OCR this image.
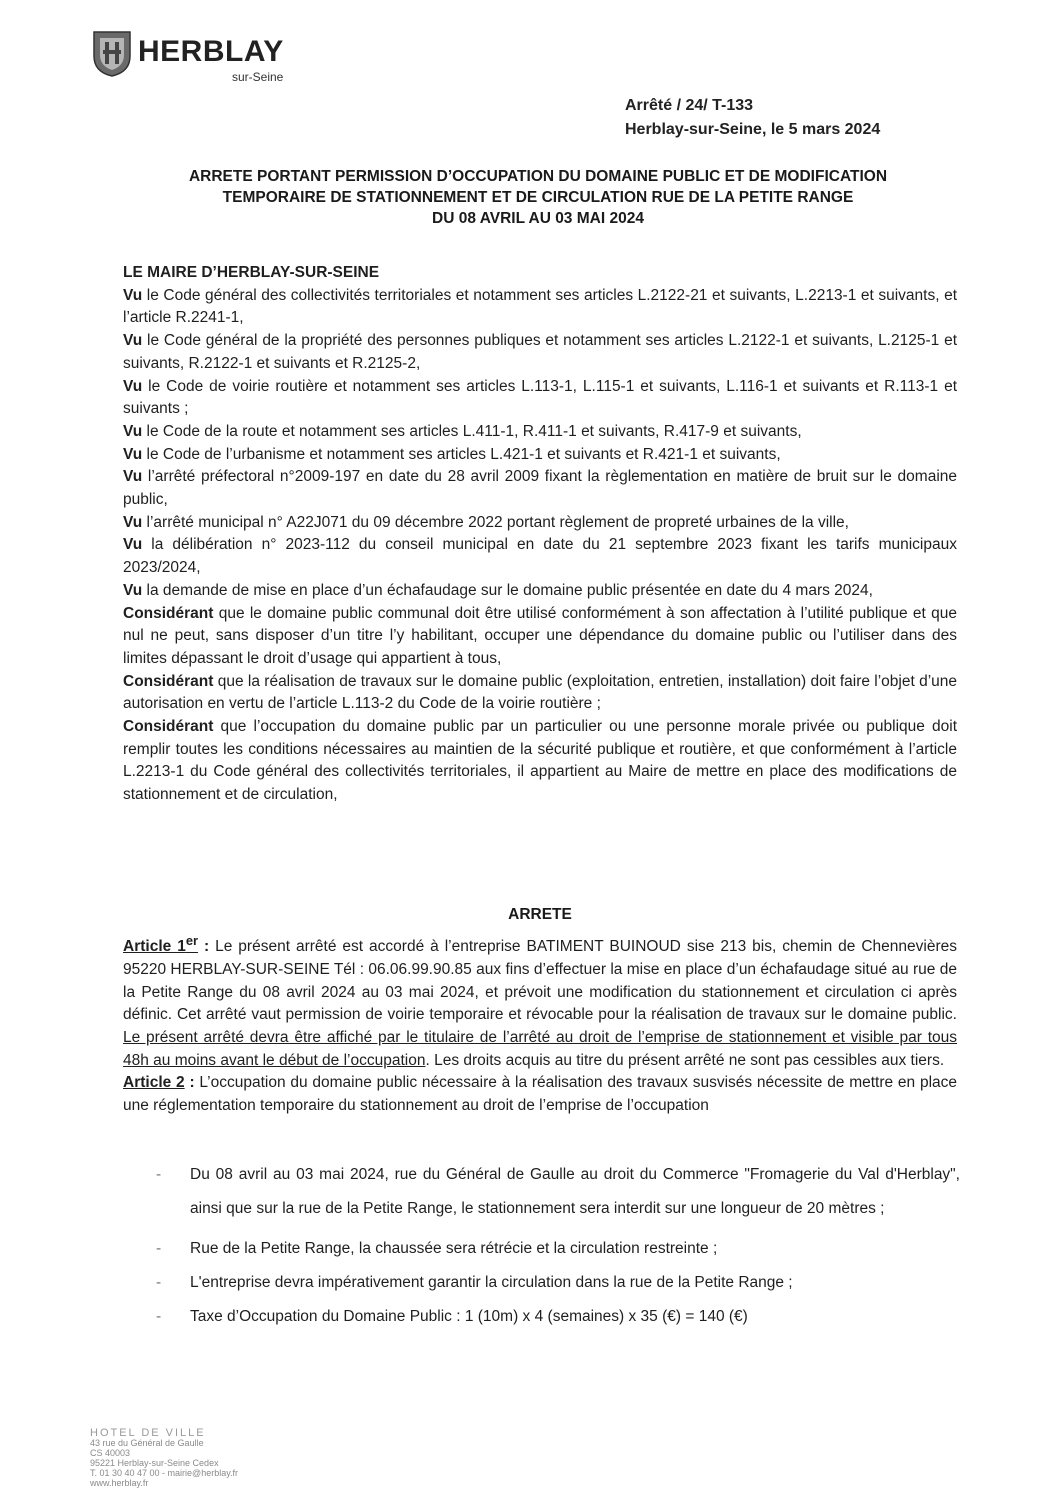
HERBLAY
sur-Seine
Arrêté / 24/ T-133
Herblay-sur-Seine, le 5 mars 2024
ARRETE PORTANT PERMISSION D’OCCUPATION DU DOMAINE PUBLIC ET DE MODIFICATION
TEMPORAIRE DE STATIONNEMENT ET DE CIRCULATION RUE DE LA PETITE RANGE
DU 08 AVRIL AU 03 MAI 2024

LE MAIRE D’HERBLAY-SUR-SEINE

Vu le Code général des collectivités territoriales et notamment ses articles L.2122-21 et suivants, L.2213-1 et suivants, et l’article R.2241-1,

Vu le Code général de la propriété des personnes publiques et notamment ses articles L.2122-1 et suivants, L.2125-1 et suivants, R.2122-1 et suivants et R.2125-2,

Vu le Code de voirie routière et notamment ses articles L.113-1, L.115-1 et suivants, L.116-1 et suivants et R.113-1 et suivants ;

Vu le Code de la route et notamment ses articles L.411-1, R.411-1 et suivants, R.417-9 et suivants,

Vu le Code de l’urbanisme et notamment ses articles L.421-1 et suivants et R.421-1 et suivants,

Vu l’arrêté préfectoral n°2009-197 en date du 28 avril 2009 fixant la règlementation en matière de bruit sur le domaine public,

Vu l’arrêté municipal n° A22J071 du 09 décembre 2022 portant règlement de propreté urbaines de la ville,

Vu la délibération n° 2023-112 du conseil municipal en date du 21 septembre 2023 fixant les tarifs municipaux 2023/2024,

Vu la demande de mise en place d’un échafaudage sur le domaine public présentée en date du 4 mars 2024,

Considérant que le domaine public communal doit être utilisé conformément à son affectation à l’utilité publique et que nul ne peut, sans disposer d’un titre l’y habilitant, occuper une dépendance du domaine public ou l’utiliser dans des limites dépassant le droit d’usage qui appartient à tous,

Considérant que la réalisation de travaux sur le domaine public (exploitation, entretien, installation) doit faire l’objet d’une autorisation en vertu de l’article L.113-2 du Code de la voirie routière ;

Considérant que l’occupation du domaine public par un particulier ou une personne morale privée ou publique doit remplir toutes les conditions nécessaires au maintien de la sécurité publique et routière, et que conformément à l’article L.2213-1 du Code général des collectivités territoriales, il appartient au Maire de mettre en place des modifications de stationnement et de circulation,

ARRETE

Article 1er : Le présent arrêté est accordé à l’entreprise BATIMENT BUINOUD sise 213 bis, chemin de Chennevières 95220 HERBLAY-SUR-SEINE Tél : 06.06.99.90.85 aux fins d’effectuer la mise en place d’un échafaudage situé au rue de la Petite Range du 08 avril 2024 au 03 mai 2024, et prévoit une modification du stationnement et circulation ci après définic. Cet arrêté vaut permission de voirie temporaire et révocable pour la réalisation de travaux sur le domaine public. Le présent arrêté devra être affiché par le titulaire de l’arrêté au droit de l’emprise de stationnement et visible par tous 48h au moins avant le début de l’occupation. Les droits acquis au titre du présent arrêté ne sont pas cessibles aux tiers.

Article 2 : L’occupation du domaine public nécessaire à la réalisation des travaux susvisés nécessite de mettre en place une réglementation temporaire du stationnement au droit de l’emprise de l’occupation

- Du 08 avril au 03 mai 2024, rue du Général de Gaulle au droit du Commerce "Fromagerie du Val d'Herblay", ainsi que sur la rue de la Petite Range, le stationnement sera interdit sur une longueur de 20 mètres ;
- Rue de la Petite Range, la chaussée sera rétrécie et la circulation restreinte ;
- L'entreprise devra impérativement garantir la circulation dans la rue de la Petite Range ;
- Taxe d’Occupation du Domaine Public : 1 (10m) x 4 (semaines) x 35 (€) = 140 (€)
HOTEL DE VILLE
43 rue du Général de Gaulle
CS 40003
95221 Herblay-sur-Seine Cedex
T. 01 30 40 47 00 - mairie@herblay.fr
www.herblay.fr
